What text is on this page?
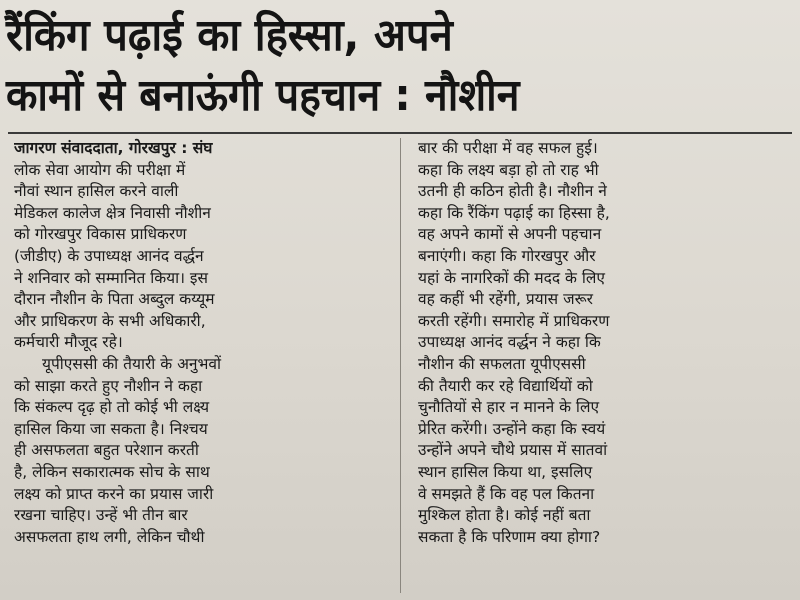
रैंकिंग पढ़ाई का हिस्सा, अपने
कामों से बनाऊंगी पहचान : नौशीन
जागरण संवाददाता, गोरखपुर : संघ
लोक सेवा आयोग की परीक्षा में
नौवां स्थान हासिल करने वाली
मेडिकल कालेज क्षेत्र निवासी नौशीन
को गोरखपुर विकास प्राधिकरण
(जीडीए) के उपाध्यक्ष आनंद वर्द्धन
ने शनिवार को सम्मानित किया। इस
दौरान नौशीन के पिता अब्दुल कय्यूम
और प्राधिकरण के सभी अधिकारी,
कर्मचारी मौजूद रहे।
यूपीएससी की तैयारी के अनुभवों
को साझा करते हुए नौशीन ने कहा
कि संकल्प दृढ़ हो तो कोई भी लक्ष्य
हासिल किया जा सकता है। निश्चय
ही असफलता बहुत परेशान करती
है, लेकिन सकारात्मक सोच के साथ
लक्ष्य को प्राप्त करने का प्रयास जारी
रखना चाहिए। उन्हें भी तीन बार
असफलता हाथ लगी, लेकिन चौथी
बार की परीक्षा में वह सफल हुई।
कहा कि लक्ष्य बड़ा हो तो राह भी
उतनी ही कठिन होती है। नौशीन ने
कहा कि रैंकिंग पढ़ाई का हिस्सा है,
वह अपने कामों से अपनी पहचान
बनाएंगी। कहा कि गोरखपुर और
यहां के नागरिकों की मदद के लिए
वह कहीं भी रहेंगी, प्रयास जरूर
करती रहेंगी। समारोह में प्राधिकरण
उपाध्यक्ष आनंद वर्द्धन ने कहा कि
नौशीन की सफलता यूपीएससी
की तैयारी कर रहे विद्यार्थियों को
चुनौतियों से हार न मानने के लिए
प्रेरित करेंगी। उन्होंने कहा कि स्वयं
उन्होंने अपने चौथे प्रयास में सातवां
स्थान हासिल किया था, इसलिए
वे समझते हैं कि वह पल कितना
मुश्किल होता है। कोई नहीं बता
सकता है कि परिणाम क्या होगा?
